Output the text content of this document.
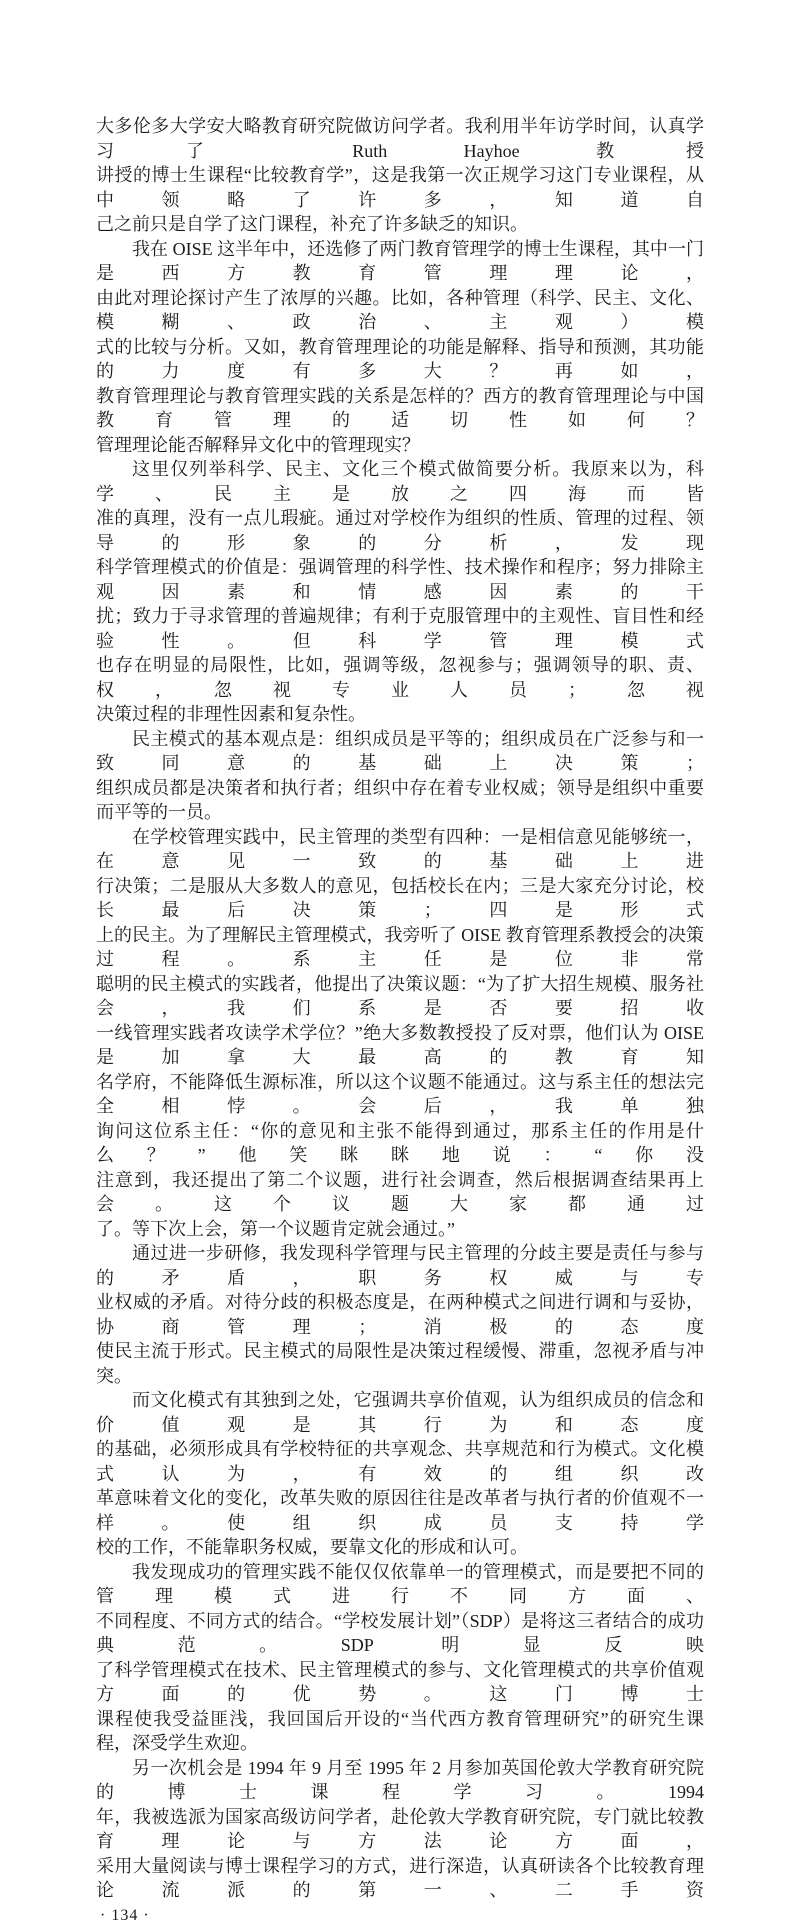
大多伦多大学安大略教育研究院做访问学者。我利用半年访学时间，认真学习了 Ruth Hayhoe 教授
讲授的博士生课程“比较教育学”，这是我第一次正规学习这门专业课程，从中领略了许多，知道自
己之前只是自学了这门课程，补充了许多缺乏的知识。
我在 OISE 这半年中，还选修了两门教育管理学的博士生课程，其中一门是西方教育管理理论，
由此对理论探讨产生了浓厚的兴趣。比如，各种管理（科学、民主、文化、模糊、政治、主观）模
式的比较与分析。又如，教育管理理论的功能是解释、指导和预测，其功能的力度有多大？再如，
教育管理理论与教育管理实践的关系是怎样的？西方的教育管理理论与中国教育管理的适切性如何？
管理理论能否解释异文化中的管理现实？
这里仅列举科学、民主、文化三个模式做简要分析。我原来以为，科学、民主是放之四海而皆
准的真理，没有一点儿瑕疵。通过对学校作为组织的性质、管理的过程、领导的形象的分析，发现
科学管理模式的价值是：强调管理的科学性、技术操作和程序；努力排除主观因素和情感因素的干
扰；致力于寻求管理的普遍规律；有利于克服管理中的主观性、盲目性和经验性。但科学管理模式
也存在明显的局限性，比如，强调等级，忽视参与；强调领导的职、责、权，忽视专业人员；忽视
决策过程的非理性因素和复杂性。
民主模式的基本观点是：组织成员是平等的；组织成员在广泛参与和一致同意的基础上决策；
组织成员都是决策者和执行者；组织中存在着专业权威；领导是组织中重要而平等的一员。
在学校管理实践中，民主管理的类型有四种：一是相信意见能够统一，在意见一致的基础上进
行决策；二是服从大多数人的意见，包括校长在内；三是大家充分讨论，校长最后决策；四是形式
上的民主。为了理解民主管理模式，我旁听了 OISE 教育管理系教授会的决策过程。系主任是位非常
聪明的民主模式的实践者，他提出了决策议题：“为了扩大招生规模、服务社会，我们系是否要招收
一线管理实践者攻读学术学位？”绝大多数教授投了反对票，他们认为 OISE 是加拿大最高的教育知
名学府，不能降低生源标准，所以这个议题不能通过。这与系主任的想法完全相悖。会后，我单独
询问这位系主任：“你的意见和主张不能得到通过，那系主任的作用是什么？”他笑眯眯地说：“你没
注意到，我还提出了第二个议题，进行社会调查，然后根据调查结果再上会。这个议题大家都通过
了。等下次上会，第一个议题肯定就会通过。”
通过进一步研修，我发现科学管理与民主管理的分歧主要是责任与参与的矛盾，职务权威与专
业权威的矛盾。对待分歧的积极态度是，在两种模式之间进行调和与妥协，协商管理；消极的态度
使民主流于形式。民主模式的局限性是决策过程缓慢、滞重，忽视矛盾与冲突。
而文化模式有其独到之处，它强调共享价值观，认为组织成员的信念和价值观是其行为和态度
的基础，必须形成具有学校特征的共享观念、共享规范和行为模式。文化模式认为，有效的组织改
革意味着文化的变化，改革失败的原因往往是改革者与执行者的价值观不一样。使组织成员支持学
校的工作，不能靠职务权威，要靠文化的形成和认可。
我发现成功的管理实践不能仅仅依靠单一的管理模式，而是要把不同的管理模式进行不同方面、
不同程度、不同方式的结合。“学校发展计划”（SDP）是将这三者结合的成功典范。SDP 明显反映
了科学管理模式在技术、民主管理模式的参与、文化管理模式的共享价值观方面的优势。这门博士
课程使我受益匪浅，我回国后开设的“当代西方教育管理研究”的研究生课程，深受学生欢迎。
另一次机会是 1994 年 9 月至 1995 年 2 月参加英国伦敦大学教育研究院的博士课程学习。1994
年，我被选派为国家高级访问学者，赴伦敦大学教育研究院，专门就比较教育理论与方法论方面，
采用大量阅读与博士课程学习的方式，进行深造，认真研读各个比较教育理论流派的第一、二手资
· 134 ·
